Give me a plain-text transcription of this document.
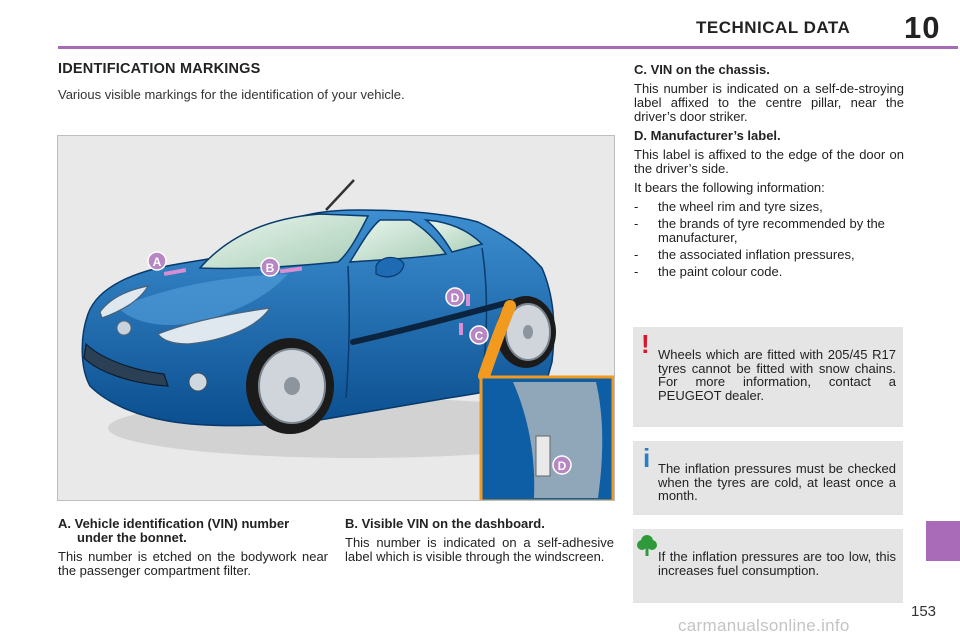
TECHNICAL DATA 10
IDENTIFICATION MARKINGS
Various visible markings for the identification of your vehicle.
A	B
C
D
D
A. Vehicle identification (VIN) number
under the bonnet.
This number is etched on the bodywork near the passenger compartment filter.
B. Visible VIN on the dashboard.
This number is indicated on a self-adhesive label which is visible through the windscreen.

C. VIN on the chassis.

This number is indicated on a self-de-stroying label affixed to the centre pillar, near the driver’s door striker.

D. Manufacturer’s label.

This label is affixed to the edge of the door on the driver’s side.

It bears the following information:

-	the wheel rim and tyre sizes,
-	the brands of tyre recommended by the manufacturer,
-	the associated inflation pressures,
-	the paint colour code.
! Wheels which are fitted with 205/45 R17 tyres cannot be fitted with snow chains. For more information, contact a PEUGEOT dealer.
i The inflation pressures must be checked when the tyres are cold, at least once a month.
If the inflation pressures are too low, this increases fuel consumption.
153
carmanualsonline.info
